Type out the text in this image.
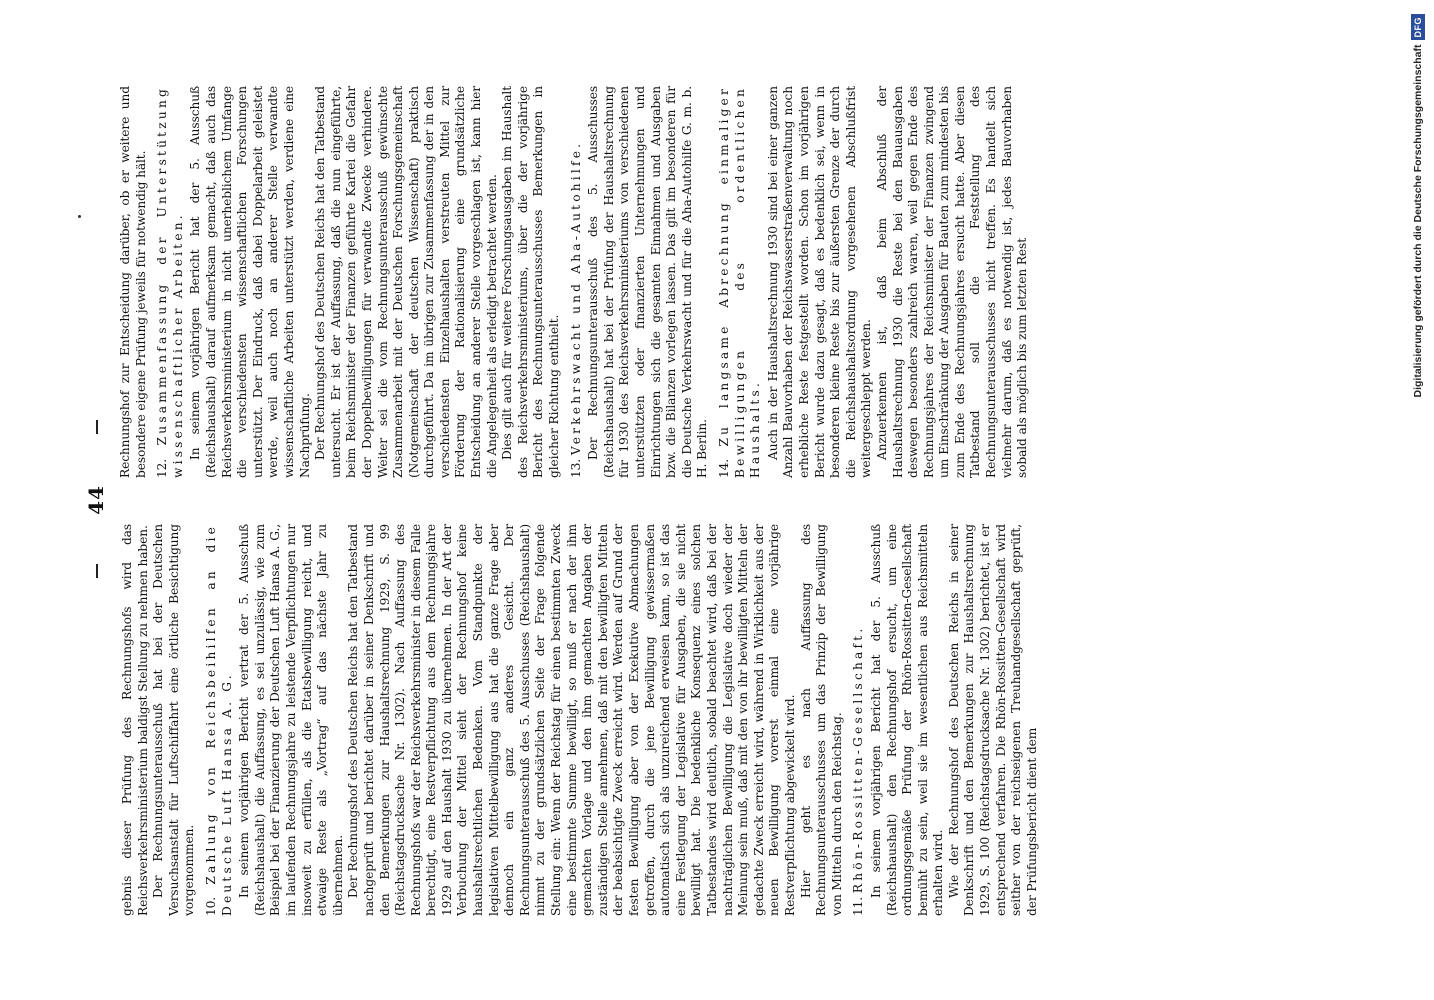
44

gebnis dieser Prüfung des Rechnungshofs wird das Reichsverkehrsministerium baldigst Stellung zu nehmen haben. Der Rechnungsunterausschuß hat bei der Deutschen Versuchsanstalt für Luftschiffahrt eine örtliche Besichtigung vorgenommen. 10. Zahlung von Reichsbeihilfen an die Deutsche Luft Hansa A. G. In seinem vorjährigen Bericht vertrat der 5. Ausschuß (Reichshaushalt) die Auffassung, es sei unzulässig, wie zum Beispiel bei der Finanzierung der Deutschen Luft Hansa A. G., im laufenden Rechnungsjahre zu leistende Verpflichtungen nur insoweit zu erfüllen, als die Etatsbewilligung reicht, und etwaige Reste als „Vortrag“ auf das nächste Jahr zu übernehmen. Der Rechnungshof des Deutschen Reichs hat den Tatbestand nachgeprüft und berichtet darüber in seiner Denkschrift und den Bemerkungen zur Haushaltsrechnung 1929, S. 99 (Reichstagsdrucksache Nr. 1302). Nach Auffassung des Rechnungshofs war der Reichsverkehrsminister in diesem Falle berechtigt, eine Restverpflichtung aus dem Rechnungsjahre 1929 auf den Haushalt 1930 zu übernehmen. In der Art der Verbuchung der Mittel sieht der Rechnungshof keine haushaltsrechtlichen Bedenken. Vom Standpunkte der legislativen Mittelbewilligung aus hat die ganze Frage aber dennoch ein ganz anderes Gesicht. Der Rechnungsunterausschuß des 5. Ausschusses (Reichshaushalt) nimmt zu der grundsätzlichen Seite der Frage folgende Stellung ein: Wenn der Reichstag für einen bestimmten Zweck eine bestimmte Summe bewilligt, so muß er nach der ihm gemachten Vorlage und den ihm gemachten Angaben der zuständigen Stelle annehmen, daß mit den bewilligten Mitteln der beabsichtigte Zweck erreicht wird. Werden auf Grund der festen Bewilligung aber von der Exekutive Abmachungen getroffen, durch die jene Bewilligung gewissermaßen automatisch sich als unzureichend erweisen kann, so ist das eine Festlegung der Legislative für Ausgaben, die sie nicht bewilligt hat. Die bedenkliche Konsequenz eines solchen Tatbestandes wird deutlich, sobald beachtet wird, daß bei der nachträglichen Bewilligung die Legislative doch wieder der Meinung sein muß, daß mit den von ihr bewilligten Mitteln der gedachte Zweck erreicht wird, während in Wirklichkeit aus der neuen Bewilligung vorerst einmal eine vorjährige Restverpflichtung abgewickelt wird. Hier geht es nach Auffassung des Rechnungsunterausschusses um das Prinzip der Bewilligung von Mitteln durch den Reichstag. 11. Rhön-Rossitten-Gesellschaft. In seinem vorjährigen Bericht hat der 5. Ausschuß (Reichshaushalt) den Rechnungshof ersucht, um eine ordnungsgemäße Prüfung der Rhön-Rossitten-Gesellschaft bemüht zu sein, weil sie im wesentlichen aus Reichsmitteln erhalten wird. Wie der Rechnungshof des Deutschen Reichs in seiner Denkschrift und den Bemerkungen zur Haushaltsrechnung 1929, S. 100 (Reichstagsdrucksache Nr. 1302) berichtet, ist er entsprechend verfahren. Die Rhön-Rossitten-Gesellschaft wird seither von der reichseigenen Treuhandgesellschaft geprüft, der Prüfungsbericht dient dem

Rechnungshof zur Entscheidung darüber, ob er weitere und besondere eigene Prüfung jeweils für notwendig hält. 12. Zusammenfassung der Unterstützung wissenschaftlicher Arbeiten. In seinem vorjährigen Bericht hat der 5. Ausschuß (Reichshaushalt) darauf aufmerksam gemacht, daß auch das Reichsverkehrsministerium in nicht unerheblichem Umfange die verschiedensten wissenschaftlichen Forschungen unterstützt. Der Eindruck, daß dabei Doppelarbeit geleistet werde, weil auch noch an anderer Stelle verwandte wissenschaftliche Arbeiten unterstützt werden, verdiene eine Nachprüfung. Der Rechnungshof des Deutschen Reichs hat den Tatbestand untersucht. Er ist der Auffassung, daß die nun eingeführte, beim Reichsminister der Finanzen geführte Kartei die Gefahr der Doppelbewilligungen für verwandte Zwecke verhindere. Weiter sei die vom Rechnungsunterausschuß gewünschte Zusammenarbeit mit der Deutschen Forschungsgemeinschaft (Notgemeinschaft der deutschen Wissenschaft) praktisch durchgeführt. Da im übrigen zur Zusammenfassung der in den verschiedensten Einzelhaushalten verstreuten Mittel zur Förderung der Rationalisierung eine grundsätzliche Entscheidung an anderer Stelle vorgeschlagen ist, kann hier die Angelegenheit als erledigt betrachtet werden. Dies gilt auch für weitere Forschungsausgaben im Haushalt des Reichsverkehrsministeriums, über die der vorjährige Bericht des Rechnungsunterausschusses Bemerkungen in gleicher Richtung enthielt. 13. Verkehrswacht und Aha-Autohilfe. Der Rechnungsunterausschuß des 5. Ausschusses (Reichshaushalt) hat bei der Prüfung der Haushaltsrechnung für 1930 des Reichsverkehrsministeriums von verschiedenen unterstützten oder finanzierten Unternehmungen und Einrichtungen sich die gesamten Einnahmen und Ausgaben bzw. die Bilanzen vorlegen lassen. Das gilt im besonderen für die Deutsche Verkehrswacht und für die Aha-Autohilfe G. m. b. H. Berlin. 14. Zu langsame Abrechnung einmaliger Bewilligungen des ordentlichen Haushalts. Auch in der Haushaltsrechnung 1930 sind bei einer ganzen Anzahl Bauvorhaben der Reichswasserstraßenverwaltung noch erhebliche Reste festgestellt worden. Schon im vorjährigen Bericht wurde dazu gesagt, daß es bedenklich sei, wenn in besonderen kleine Reste bis zur äußersten Grenze der durch die Reichshaushaltsordnung vorgesehenen Abschlußfrist weitergeschleppt werden. Anzuerkennen ist, daß beim Abschluß der Haushaltsrechnung 1930 die Reste bei den Bauausgaben deswegen besonders zahlreich waren, weil gegen Ende des Rechnungsjahres der Reichsminister der Finanzen zwingend um Einschränkung der Ausgaben für Bauten zum mindesten bis zum Ende des Rechnungsjahres ersucht hatte. Aber diesen Tatbestand soll die Feststellung des Rechnungsunterausschusses nicht treffen. Es handelt sich vielmehr darum, daß es notwendig ist, jedes Bauvorhaben sobald als möglich bis zum letzten Rest	Digitalisierung gefördert durch die Deutsche Forschungsgemeinschaft
DFG
